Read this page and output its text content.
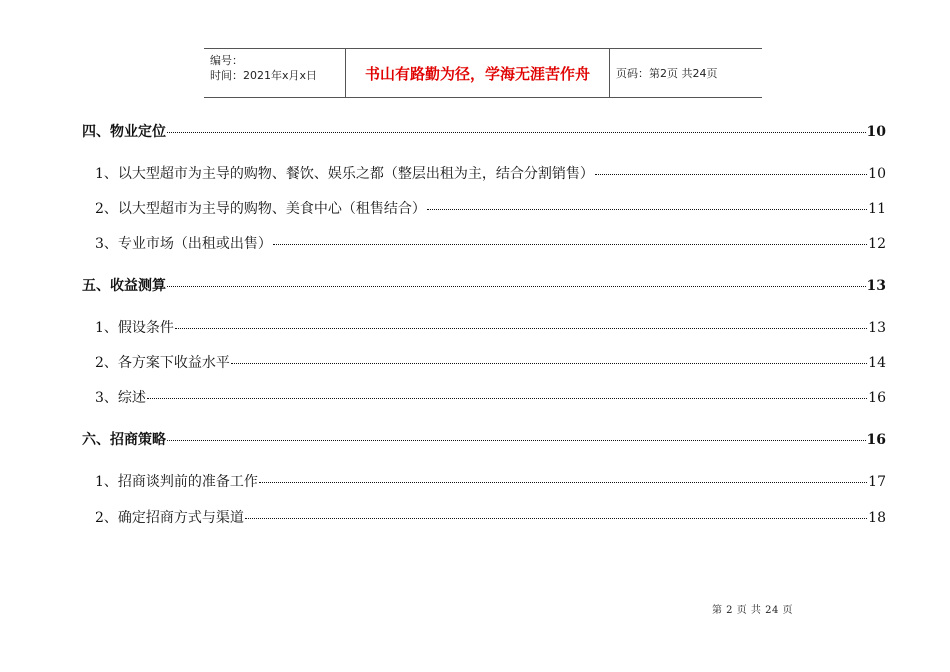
编号：
时间：2021年x月x日	书山有路勤为径，学海无涯苦作舟	页码：第2页 共24页
四、物业定位	10
1、以大型超市为主导的购物、餐饮、娱乐之都（整层出租为主，结合分割销售）	10
2、以大型超市为主导的购物、美食中心（租售结合）	11
3、专业市场（出租或出售）	12
五、收益测算	13
1、假设条件	13
2、各方案下收益水平	14
3、综述	16
六、招商策略	16
1、招商谈判前的准备工作	17
2、确定招商方式与渠道	18
第 2 页 共 24 页
